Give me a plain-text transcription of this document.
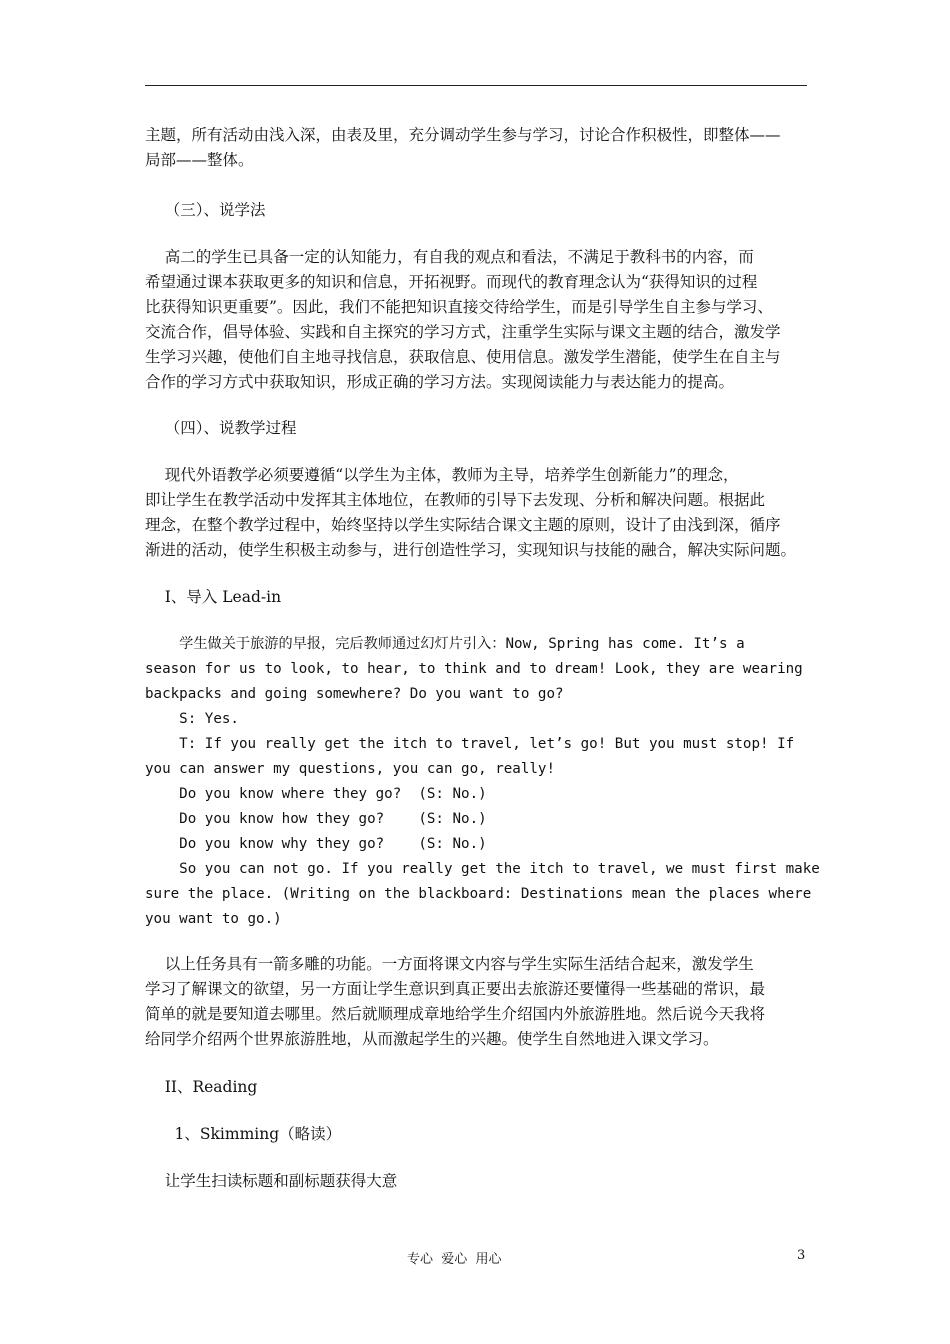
主题，所有活动由浅入深，由表及里，充分调动学生参与学习，讨论合作积极性，即整体——
局部——整体。
（三）、说学法
高二的学生已具备一定的认知能力，有自我的观点和看法，不满足于教科书的内容，而
希望通过课本获取更多的知识和信息，开拓视野。而现代的教育理念认为“获得知识的过程
比获得知识更重要”。因此，我们不能把知识直接交待给学生，而是引导学生自主参与学习、
交流合作，倡导体验、实践和自主探究的学习方式，注重学生实际与课文主题的结合，激发学
生学习兴趣，使他们自主地寻找信息，获取信息、使用信息。激发学生潜能，使学生在自主与
合作的学习方式中获取知识，形成正确的学习方法。实现阅读能力与表达能力的提高。
（四）、说教学过程
现代外语教学必须要遵循“以学生为主体，教师为主导，培养学生创新能力”的理念，
即让学生在教学活动中发挥其主体地位，在教师的引导下去发现、分析和解决问题。根据此
理念，在整个教学过程中，始终坚持以学生实际结合课文主题的原则，设计了由浅到深，循序
渐进的活动，使学生积极主动参与，进行创造性学习，实现知识与技能的融合，解决实际问题。
I、导入 Lead-in
学生做关于旅游的早报，完后教师通过幻灯片引入：Now, Spring has come. It’s a
season for us to look, to hear, to think and to dream! Look, they are wearing
backpacks and going somewhere? Do you want to go?
S: Yes.
T: If you really get the itch to travel, let’s go! But you must stop! If
you can answer my questions, you can go, really!
Do you know where they go?  (S: No.)
Do you know how they go?    (S: No.)
Do you know why they go?    (S: No.)
So you can not go. If you really get the itch to travel, we must first make
sure the place. (Writing on the blackboard: Destinations mean the places where
you want to go.)
以上任务具有一箭多雕的功能。一方面将课文内容与学生实际生活结合起来，激发学生
学习了解课文的欲望，另一方面让学生意识到真正要出去旅游还要懂得一些基础的常识，最
简单的就是要知道去哪里。然后就顺理成章地给学生介绍国内外旅游胜地。然后说今天我将
给同学介绍两个世界旅游胜地，从而激起学生的兴趣。使学生自然地进入课文学习。
II、Reading
1、Skimming（略读）
让学生扫读标题和副标题获得大意
专心  爱心  用心	3
